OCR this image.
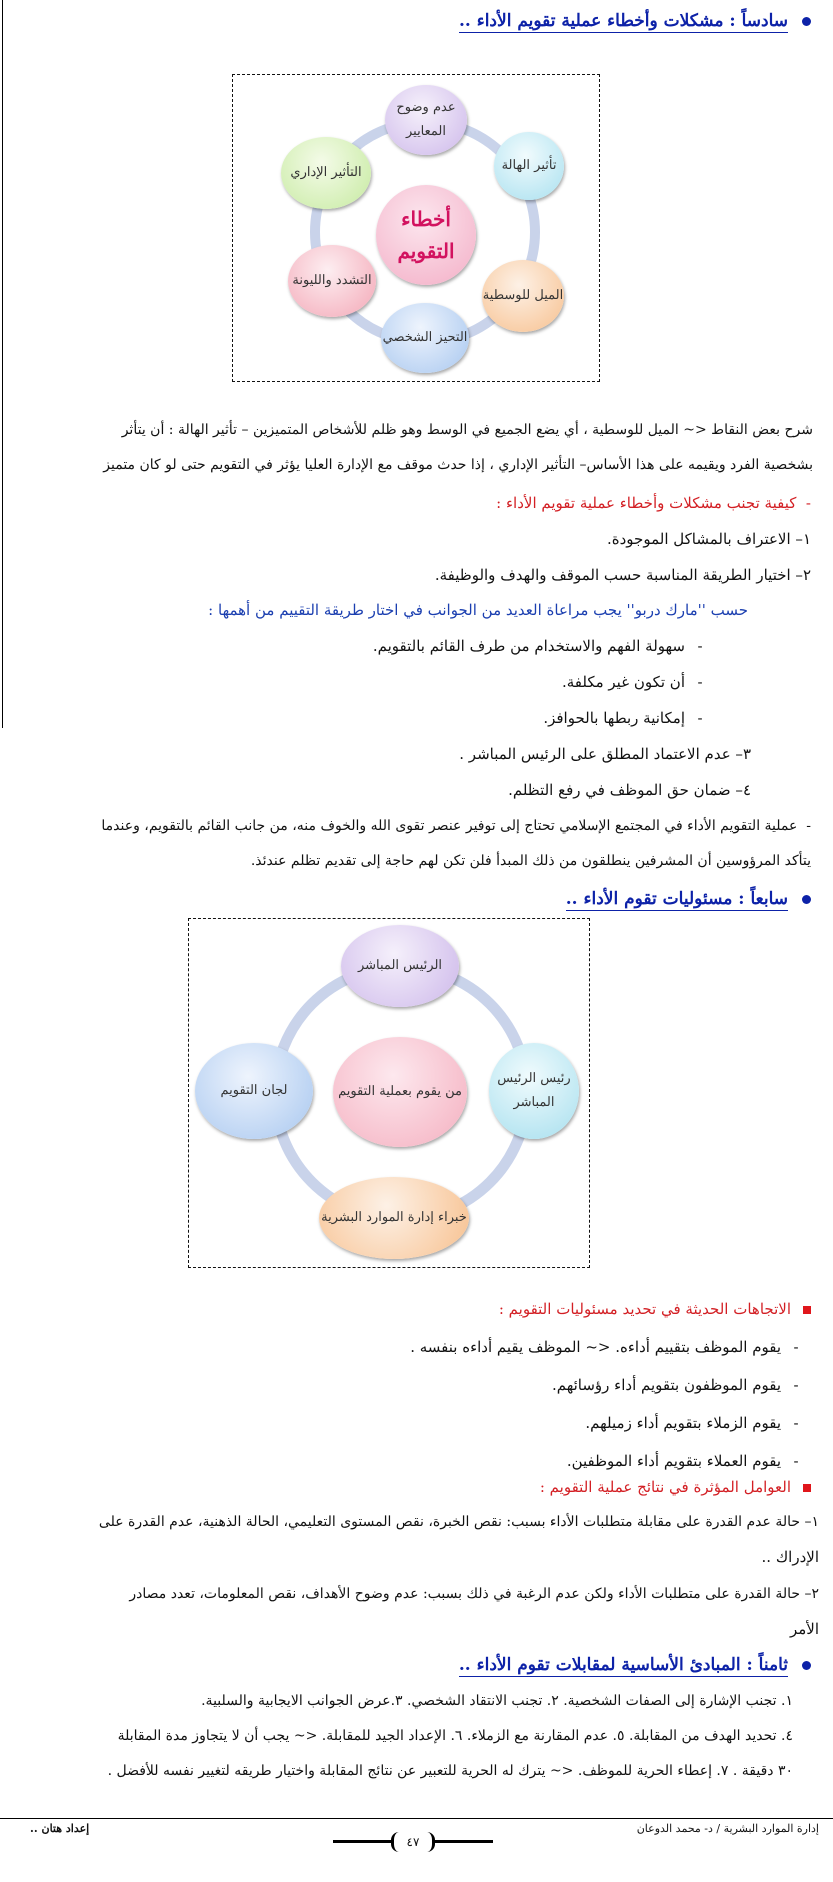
سادساً : مشكلات وأخطاء عملية تقويم الأداء ..
أخطاء التقويم
عدم وضوح المعايير
تأثير الهالة
الميل للوسطية
التحيز الشخصي
التشدد والليونة
التأثير الإداري
شرح بعض النقاط <~ الميل للوسطية ، أي يضع الجميع في الوسط وهو ظلم للأشخاص المتميزين – تأثير الهالة : أن يتأثر
بشخصية الفرد ويقيمه على هذا الأساس– التأثير الإداري ، إذا حدث موقف مع الإدارة العليا يؤثر في التقويم حتى لو كان متميز
-  كيفية تجنب مشكلات وأخطاء عملية تقويم الأداء :
١– الاعتراف بالمشاكل الموجودة.
٢– اختيار الطريقة المناسبة حسب الموقف والهدف والوظيفة.
حسب ''مارك دربو'' يجب مراعاة العديد من الجوانب في اختار طريقة التقييم من أهمها :
-سهولة الفهم والاستخدام من طرف القائم بالتقويم.
-أن تكون غير مكلفة.
-إمكانية ربطها بالحوافز.
٣– عدم الاعتماد المطلق على الرئيس المباشر .
٤– ضمان حق الموظف في رفع التظلم.
-  عملية التقويم الأداء في المجتمع الإسلامي تحتاج إلى توفير عنصر تقوى الله والخوف منه، من جانب القائم بالتقويم، وعندما
يتأكد المرؤوسين أن المشرفين ينطلقون من ذلك المبدأ فلن تكن لهم حاجة إلى تقديم تظلم عندئذ.
سابعاً : مسئوليات تقوم الأداء ..
من يقوم بعملية التقويم
الرئيس المباشر
رئيس الرئيس المباشر
خبراء إدارة الموارد البشرية
لجان التقويم
الاتجاهات الحديثة في تحديد مسئوليات التقويم :
-يقوم الموظف بتقييم أداءه. <~ الموظف يقيم أداءه بنفسه .
-يقوم الموظفون بتقويم أداء رؤسائهم.
-يقوم الزملاء بتقويم أداء زميلهم.
-يقوم العملاء بتقويم أداء الموظفين.
العوامل المؤثرة في نتائج عملية التقويم :
١– حالة عدم القدرة على مقابلة متطلبات الأداء بسبب: نقص الخبرة، نقص المستوى التعليمي، الحالة الذهنية، عدم القدرة على
الإدراك ..
٢– حالة القدرة على متطلبات الأداء ولكن عدم الرغبة في ذلك بسبب: عدم وضوح الأهداف، نقص المعلومات، تعدد مصادر
الأمر
ثامناً : المبادئ الأساسية لمقابلات تقوم الأداء ..
١. تجنب الإشارة إلى الصفات الشخصية. ٢. تجنب الانتقاد الشخصي. ٣.عرض الجوانب الايجابية والسلبية.
٤. تحديد الهدف من المقابلة. ٥. عدم المقارنة مع الزملاء. ٦. الإعداد الجيد للمقابلة. <~ يجب أن لا يتجاوز مدة المقابلة
٣٠ دقيقة . ٧. إعطاء الحرية للموظف. <~ يترك له الحرية للتعبير عن نتائج المقابلة واختيار طريقه لتغيير نفسه للأفضل .
إدارة الموارد البشرية / د- محمد الدوعان
إعداد هتان ..
٤٧
